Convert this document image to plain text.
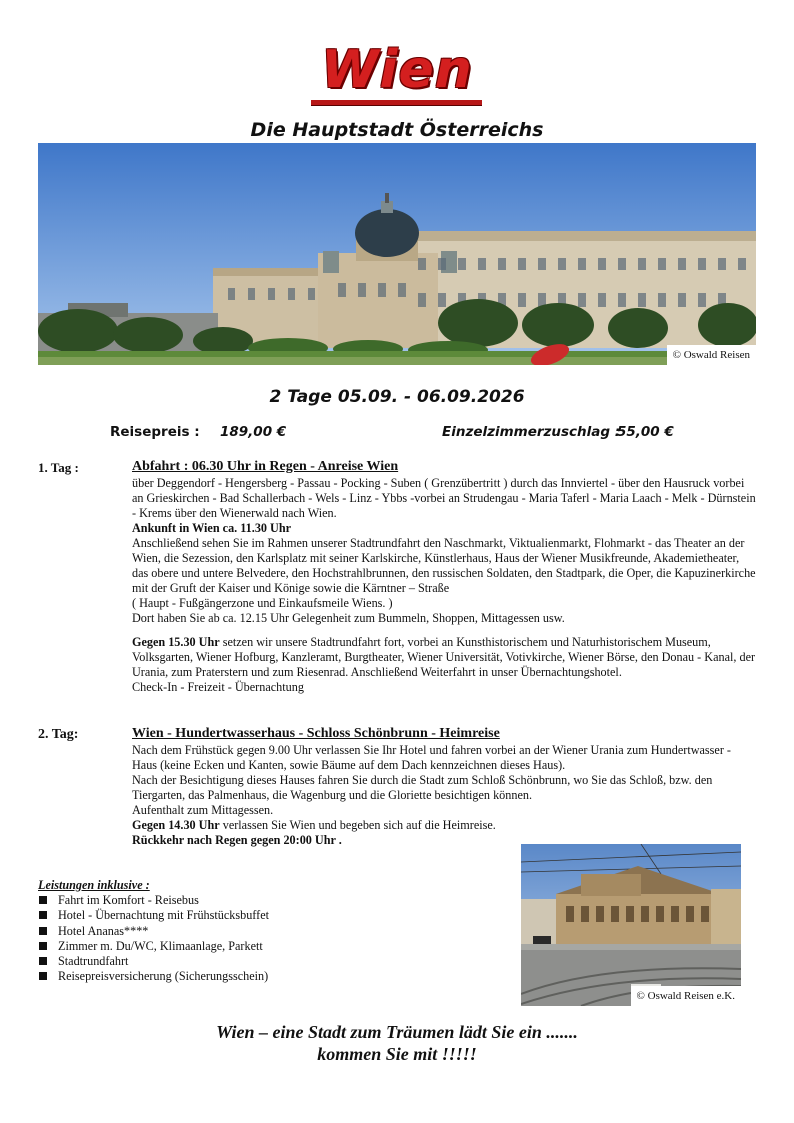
Wien
Die Hauptstadt Österreichs
© Oswald Reisen
2 Tage 05.09. - 06.09.2026
Reisepreis : 189,00 €	Einzelzimmerzuschlag :
55,00 €
1. Tag :	Abfahrt : 06.30 Uhr in Regen - Anreise Wien

über Deggendorf - Hengersberg - Passau - Pocking - Suben ( Grenzübertritt ) durch das Innviertel - über den Hausruck vorbei an Grieskirchen - Bad Schallerbach - Wels - Linz - Ybbs -vorbei an Strudengau - Maria Taferl - Maria Laach - Melk - Dürnstein - Krems über den Wienerwald nach Wien.

Ankunft in Wien ca. 11.30 Uhr

Anschließend sehen Sie im Rahmen unserer Stadtrundfahrt den Naschmarkt, Viktualienmarkt, Flohmarkt - das Theater an der Wien, die Sezession, den Karlsplatz mit seiner Karlskirche, Künstlerhaus, Haus der Wiener Musikfreunde, Akademietheater, das obere und untere Belvedere, den Hochstrahlbrunnen, den russischen Soldaten, den Stadtpark, die Oper, die Kapuzinerkirche mit der Gruft der Kaiser und Könige sowie die Kärntner – Straße

( Haupt - Fußgängerzone und Einkaufsmeile Wiens. )

Dort haben Sie ab ca. 12.15 Uhr Gelegenheit zum Bummeln, Shoppen, Mittagessen usw.

Gegen 15.30 Uhr setzen wir unsere Stadtrundfahrt fort, vorbei an Kunsthistorischem und Naturhistorischem Museum, Volksgarten, Wiener Hofburg, Kanzleramt, Burgtheater, Wiener Universität, Votivkirche, Wiener Börse, den Donau - Kanal, der Urania, zum Praterstern und zum Riesenrad. Anschließend Weiterfahrt in unser Übernachtungshotel.

Check-In - Freizeit - Übernachtung

2. Tag:	Wien - Hundertwasserhaus - Schloss Schönbrunn - Heimreise

Nach dem Frühstück gegen 9.00 Uhr verlassen Sie Ihr Hotel und fahren vorbei an der Wiener Urania zum Hundertwasser - Haus (keine Ecken und Kanten, sowie Bäume auf dem Dach kennzeichnen dieses Haus).

Nach der Besichtigung dieses Hauses fahren Sie durch die Stadt zum Schloß Schönbrunn, wo Sie das Schloß, bzw. den Tiergarten, das Palmenhaus, die Wagenburg und die Gloriette besichtigen können.

Aufenthalt zum Mittagessen.

Gegen 14.30 Uhr verlassen Sie Wien und begeben sich auf die Heimreise.

Rückkehr nach Regen gegen 20:00 Uhr .

Leistungen inklusive :
Fahrt im Komfort - Reisebus
Hotel - Übernachtung mit Frühstücksbuffet
Hotel Ananas****
Zimmer m. Du/WC, Klimaanlage, Parkett
Stadtrundfahrt
Reisepreisversicherung (Sicherungsschein)
© Oswald Reisen e.K.
Wien – eine Stadt zum Träumen lädt Sie ein .......
kommen Sie mit !!!!!
